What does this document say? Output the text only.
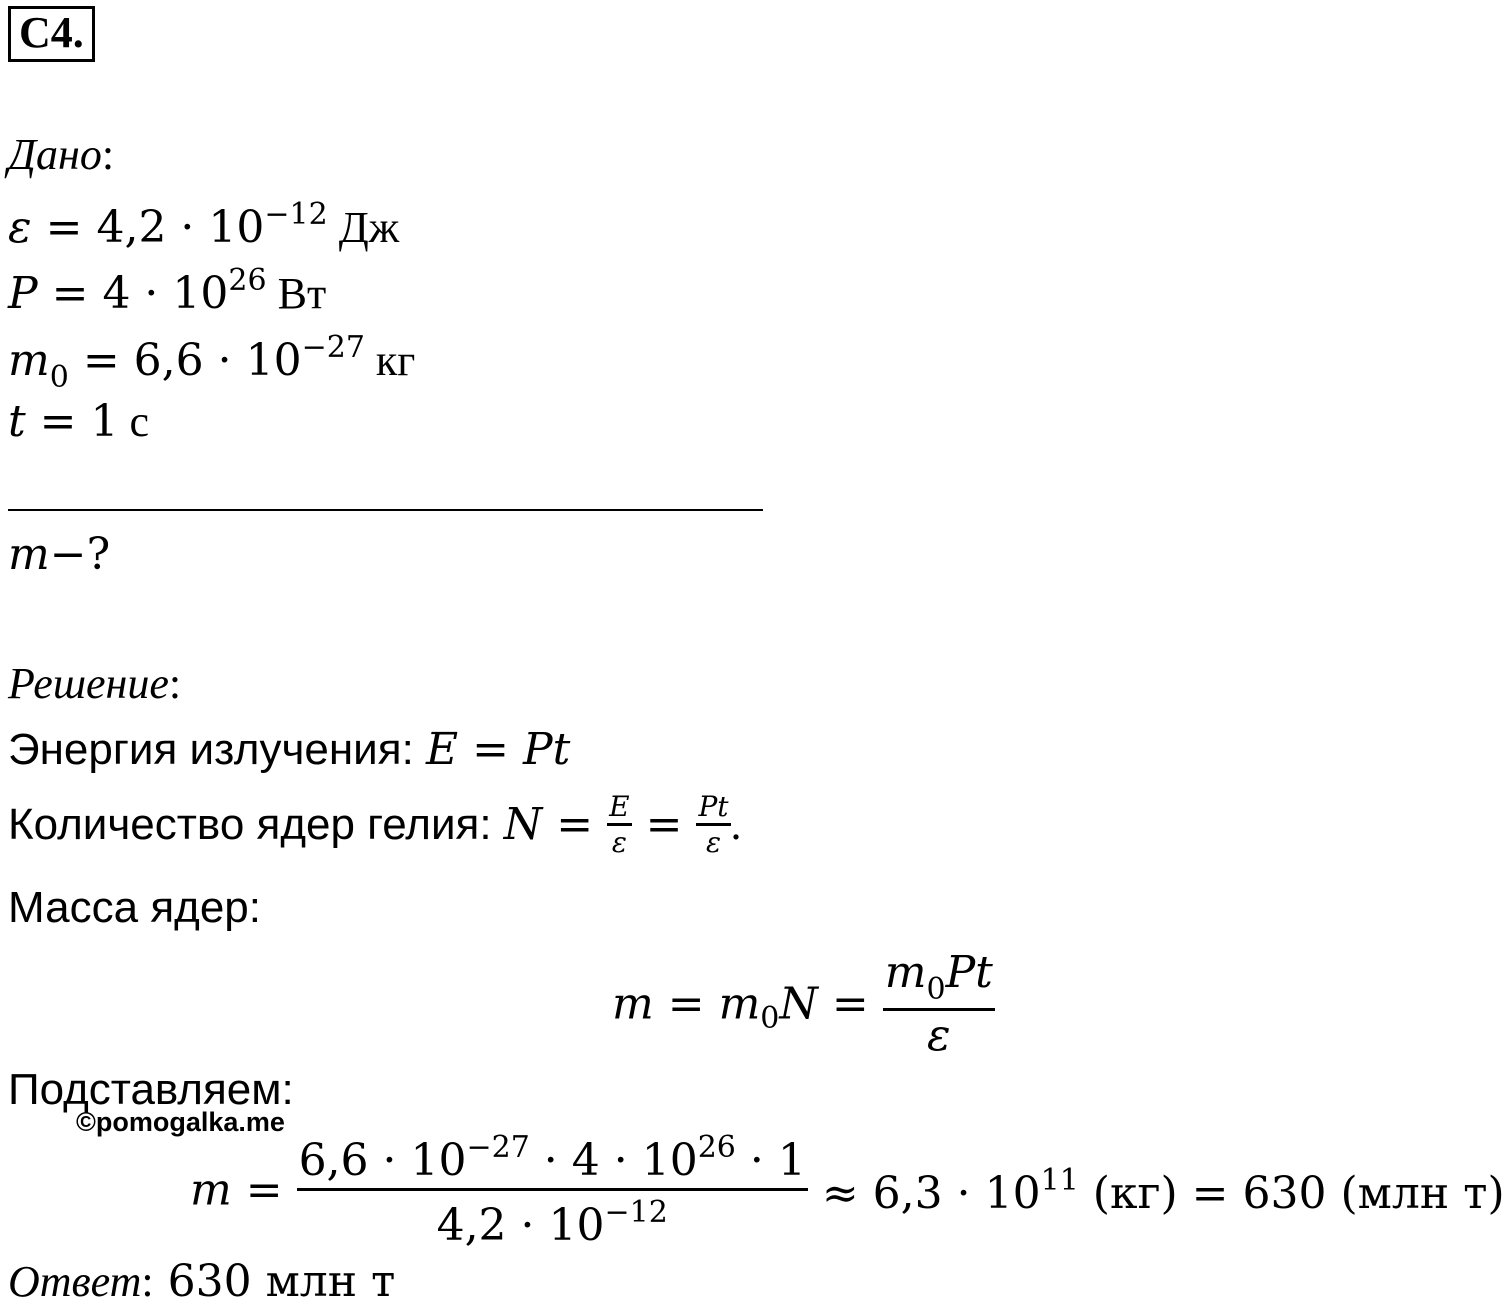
С4.
Дано:
$\varepsilon = 4,2 \cdot 10^{-12}$ Дж
$P = 4 \cdot 10^{26}$ Вт
$m_0 = 6,6 \cdot 10^{-27}$ кг
t = 1 с
m−?
Решение:
Энергия излучения: E = Pt
Количество ядер гелия: $N = \frac{E}{\varepsilon} = \frac{Pt}{\varepsilon}$ .
Масса ядер:
$m = m_0N = \frac{m_0Pt}{\varepsilon}$
Подставляем:
©pomogalka.me
$m = \frac{6,6 \cdot 10^{-27} \cdot 4 \cdot 10^{26} \cdot 1}{4,2 \cdot 10^{-12}} \approx 6,3 \cdot 10^{11}$ (кг) = 630 (млн т)
Ответ: 630 млн т
